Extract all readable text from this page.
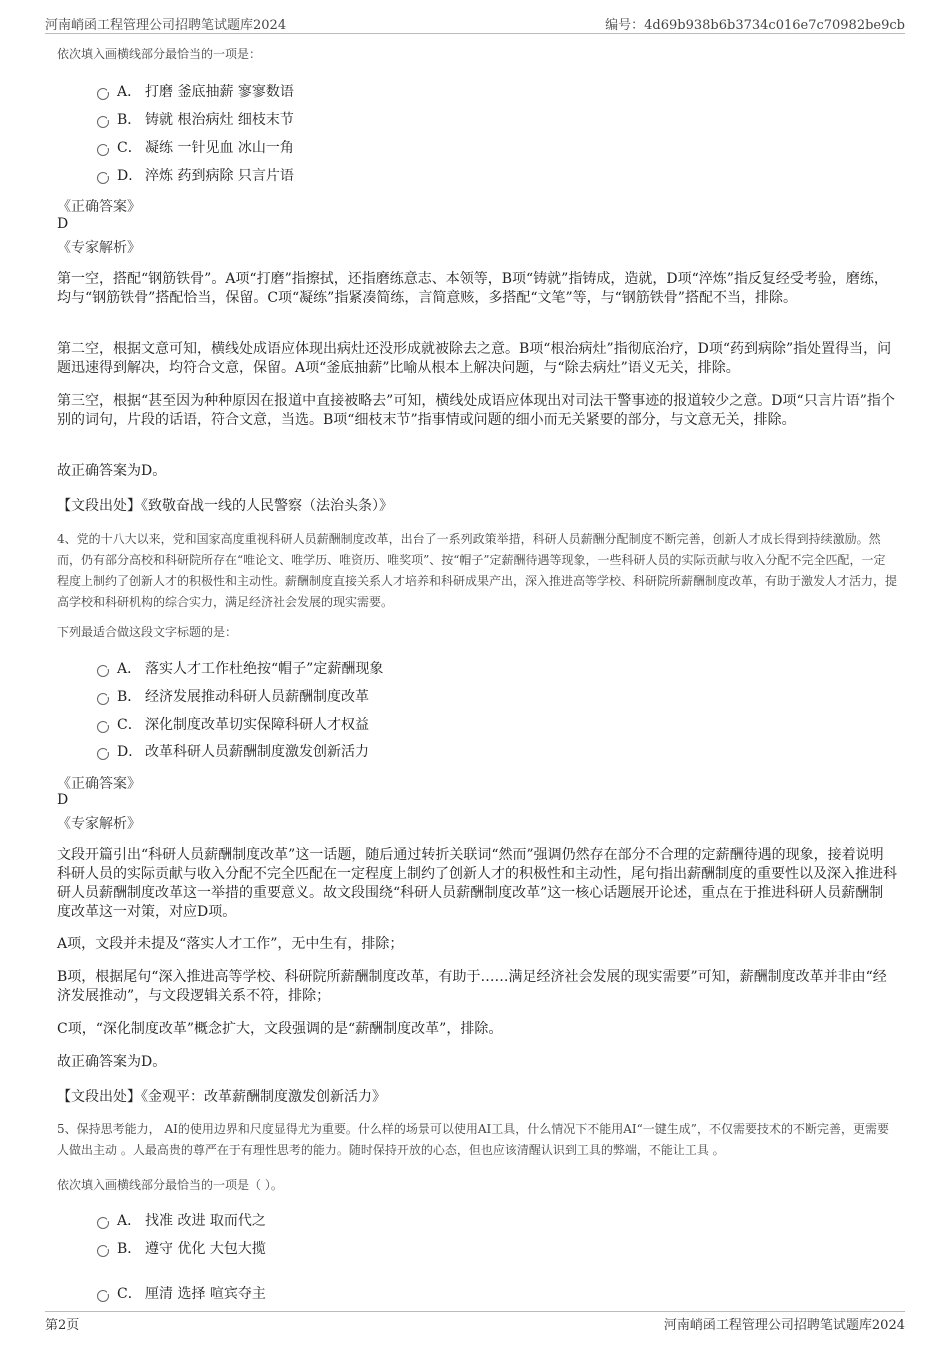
河南峭函工程管理公司招聘笔试题库2024	编号：4d69b938b6b3734c016e7c70982be9cb
依次填入画横线部分最恰当的一项是：
A． 打磨 釜底抽薪 寥寥数语
B． 铸就 根治病灶 细枝末节
C． 凝练 一针见血 冰山一角
D． 淬炼 药到病除 只言片语
《正确答案》
D
《专家解析》
第一空，搭配“钢筋铁骨”。A项“打磨”指擦拭，还指磨练意志、本领等，B项“铸就”指铸成，造就，D项“淬炼”指反复经受考验，磨练，均与“钢筋铁骨”搭配恰当，保留。C项“凝练”指紧凑简练，言简意赅，多搭配“文笔”等，与“钢筋铁骨”搭配不当，排除。
第二空，根据文意可知，横线处成语应体现出病灶还没形成就被除去之意。B项“根治病灶”指彻底治疗，D项“药到病除”指处置得当，问题迅速得到解决，均符合文意，保留。A项“釜底抽薪”比喻从根本上解决问题，与“除去病灶”语义无关，排除。
第三空，根据“甚至因为种种原因在报道中直接被略去”可知，横线处成语应体现出对司法干警事迹的报道较少之意。D项“只言片语”指个别的词句，片段的话语，符合文意，当选。B项“细枝末节”指事情或问题的细小而无关紧要的部分，与文意无关，排除。
故正确答案为D。
【文段出处】《致敬奋战一线的人民警察（法治头条）》
4、党的十八大以来，党和国家高度重视科研人员薪酬制度改革，出台了一系列政策举措，科研人员薪酬分配制度不断完善，创新人才成长得到持续激励。然而，仍有部分高校和科研院所存在“唯论文、唯学历、唯资历、唯奖项”、按“帽子”定薪酬待遇等现象，一些科研人员的实际贡献与收入分配不完全匹配，一定程度上制约了创新人才的积极性和主动性。薪酬制度直接关系人才培养和科研成果产出，深入推进高等学校、科研院所薪酬制度改革，有助于激发人才活力，提高学校和科研机构的综合实力，满足经济社会发展的现实需要。
下列最适合做这段文字标题的是：
A． 落实人才工作杜绝按“帽子”定薪酬现象
B． 经济发展推动科研人员薪酬制度改革
C． 深化制度改革切实保障科研人才权益
D． 改革科研人员薪酬制度激发创新活力
《正确答案》
D
《专家解析》
文段开篇引出“科研人员薪酬制度改革”这一话题，随后通过转折关联词“然而”强调仍然存在部分不合理的定薪酬待遇的现象，接着说明科研人员的实际贡献与收入分配不完全匹配在一定程度上制约了创新人才的积极性和主动性，尾句指出薪酬制度的重要性以及深入推进科研人员薪酬制度改革这一举措的重要意义。故文段围绕“科研人员薪酬制度改革”这一核心话题展开论述，重点在于推进科研人员薪酬制度改革这一对策，对应D项。
A项，文段并未提及“落实人才工作”，无中生有，排除；
B项，根据尾句“深入推进高等学校、科研院所薪酬制度改革，有助于……满足经济社会发展的现实需要”可知，薪酬制度改革并非由“经济发展推动”，与文段逻辑关系不符，排除；
C项，“深化制度改革”概念扩大，文段强调的是“薪酬制度改革”，排除。
故正确答案为D。
【文段出处】《金观平：改革薪酬制度激发创新活力》
5、保持思考能力， AI的使用边界和尺度显得尤为重要。什么样的场景可以使用AI工具，什么情况下不能用AI“一键生成”，不仅需要技术的不断完善，更需要人做出主动 。人最高贵的尊严在于有理性思考的能力。随时保持开放的心态，但也应该清醒认识到工具的弊端，不能让工具 。
依次填入画横线部分最恰当的一项是（ ）。
A． 找准 改进 取而代之
B． 遵守 优化 大包大揽
C． 厘清 选择 喧宾夺主
第2页	河南峭函工程管理公司招聘笔试题库2024
